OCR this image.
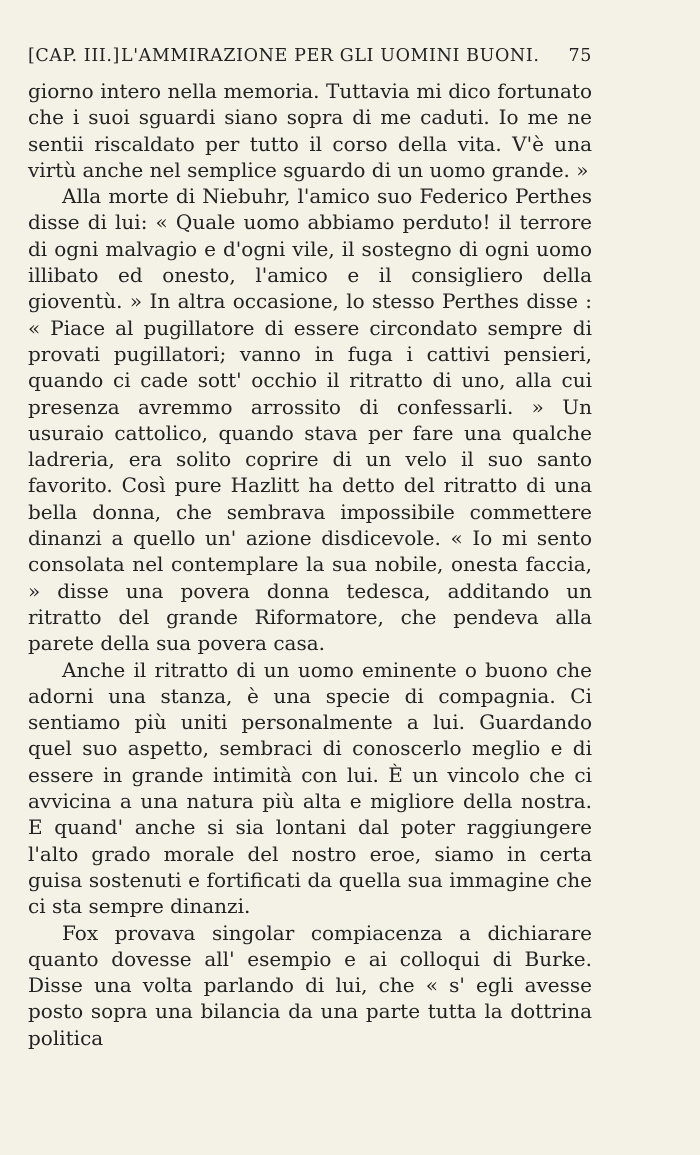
[CAP. III.] L'AMMIRAZIONE PER GLI UOMINI BUONI.	75

giorno intero nella memoria. Tuttavia mi dico fortunato che i suoi sguardi siano sopra di me caduti. Io me ne sentii riscaldato per tutto il corso della vita. V'è una virtù anche nel semplice sguardo di un uomo grande. »

Alla morte di Niebuhr, l'amico suo Federico Perthes disse di lui: « Quale uomo abbiamo perduto! il terrore di ogni malvagio e d'ogni vile, il sostegno di ogni uomo illibato ed onesto, l'amico e il consigliero della gioventù. » In altra occasione, lo stesso Perthes disse : « Piace al pugillatore di essere circondato sempre di provati pugillatori; vanno in fuga i cattivi pensieri, quando ci cade sott' occhio il ritratto di uno, alla cui presenza avremmo arrossito di confessarli. » Un usuraio cattolico, quando stava per fare una qualche ladreria, era solito coprire di un velo il suo santo favorito. Così pure Hazlitt ha detto del ritratto di una bella donna, che sembrava impossibile commettere dinanzi a quello un' azione disdicevole. « Io mi sento consolata nel contemplare la sua nobile, onesta faccia, » disse una povera donna tedesca, additando un ritratto del grande Riformatore, che pendeva alla parete della sua povera casa.

Anche il ritratto di un uomo eminente o buono che adorni una stanza, è una specie di compagnia. Ci sentiamo più uniti personalmente a lui. Guardando quel suo aspetto, sembraci di conoscerlo meglio e di essere in grande intimità con lui. È un vincolo che ci avvicina a una natura più alta e migliore della nostra. E quand' anche si sia lontani dal poter raggiungere l'alto grado morale del nostro eroe, siamo in certa guisa sostenuti e fortificati da quella sua immagine che ci sta sempre dinanzi.

Fox provava singolar compiacenza a dichiarare quanto dovesse all' esempio e ai colloqui di Burke. Disse una volta parlando di lui, che « s' egli avesse posto sopra una bilancia da una parte tutta la dottrina politica
